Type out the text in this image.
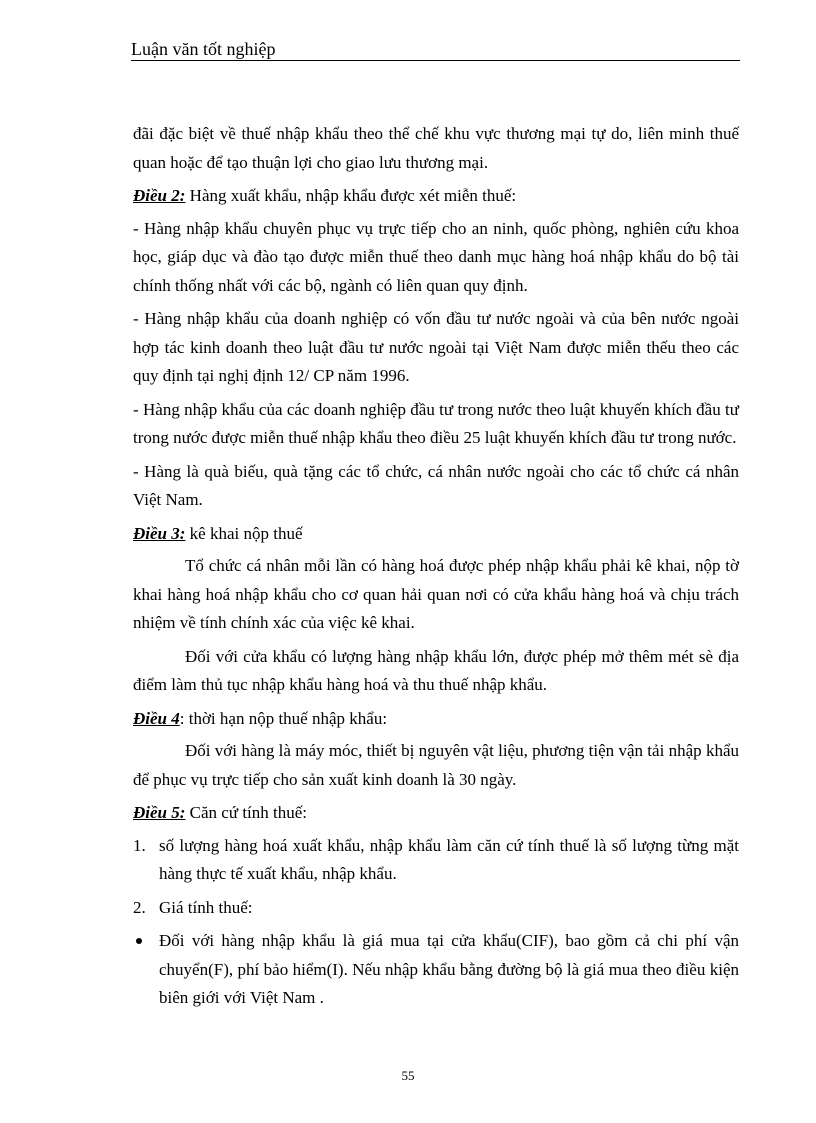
Luận văn tốt nghiệp

đãi đặc biệt về thuế nhập khẩu theo thể chế khu vực thương mại tự do, liên minh thuế quan hoặc để tạo thuận lợi cho giao lưu thương mại.

Điều 2: Hàng xuất khẩu, nhập khẩu được xét miễn thuế:

- Hàng nhập khẩu chuyên phục vụ trực tiếp cho an ninh, quốc phòng, nghiên cứu khoa học, giáp dục và đào tạo được miễn thuế theo danh mục hàng hoá nhập khẩu do bộ tài chính thống nhất với các bộ, ngành có liên quan quy định.

- Hàng nhập khẩu của doanh nghiệp có vốn đầu tư nước ngoài và của bên nước ngoài hợp tác kinh doanh theo luật đầu tư nước ngoài tại Việt Nam được miễn thếu theo các quy định tại nghị định 12/ CP năm 1996.

- Hàng nhập khẩu của các doanh nghiệp đầu tư trong nước theo luật khuyến khích đầu tư trong nước được miễn thuế nhập khẩu theo điều 25 luật khuyến khích đầu tư trong nước.

- Hàng là quà biếu, quà tặng các tổ chức, cá nhân nước ngoài cho các tổ chức cá nhân Việt Nam.

Điều 3: kê khai nộp thuế

Tổ chức cá nhân mỗi lần có hàng hoá được phép nhập khẩu phải kê khai, nộp tờ khai hàng hoá nhập khẩu cho cơ quan hải quan nơi có cửa khẩu hàng hoá và chịu trách nhiệm về tính chính xác của việc kê khai.

Đối với cửa khẩu có lượng hàng nhập khẩu lớn, được phép mở thêm mét sè địa điểm làm thủ tục nhập khẩu hàng hoá và thu thuế nhập khẩu.

Điều 4: thời hạn nộp thuế nhập khẩu:

Đối với hàng là máy móc, thiết bị nguyên vật liệu, phương tiện vận tải nhập khẩu để phục vụ trực tiếp cho sản xuất kinh doanh là 30 ngày.

Điều 5: Căn cứ tính thuế:

1. số lượng hàng hoá xuất khẩu, nhập khẩu làm căn cứ tính thuế là số lượng từng mặt hàng thực tế xuất khẩu, nhập khẩu.

2. Giá tính thuế:

Đối với hàng nhập khẩu là giá mua tại cửa khẩu(CIF), bao gồm cả chi phí vận chuyển(F), phí bảo hiểm(I). Nếu nhập khẩu bằng đường bộ là giá mua theo điều kiện biên giới với Việt Nam .

55
